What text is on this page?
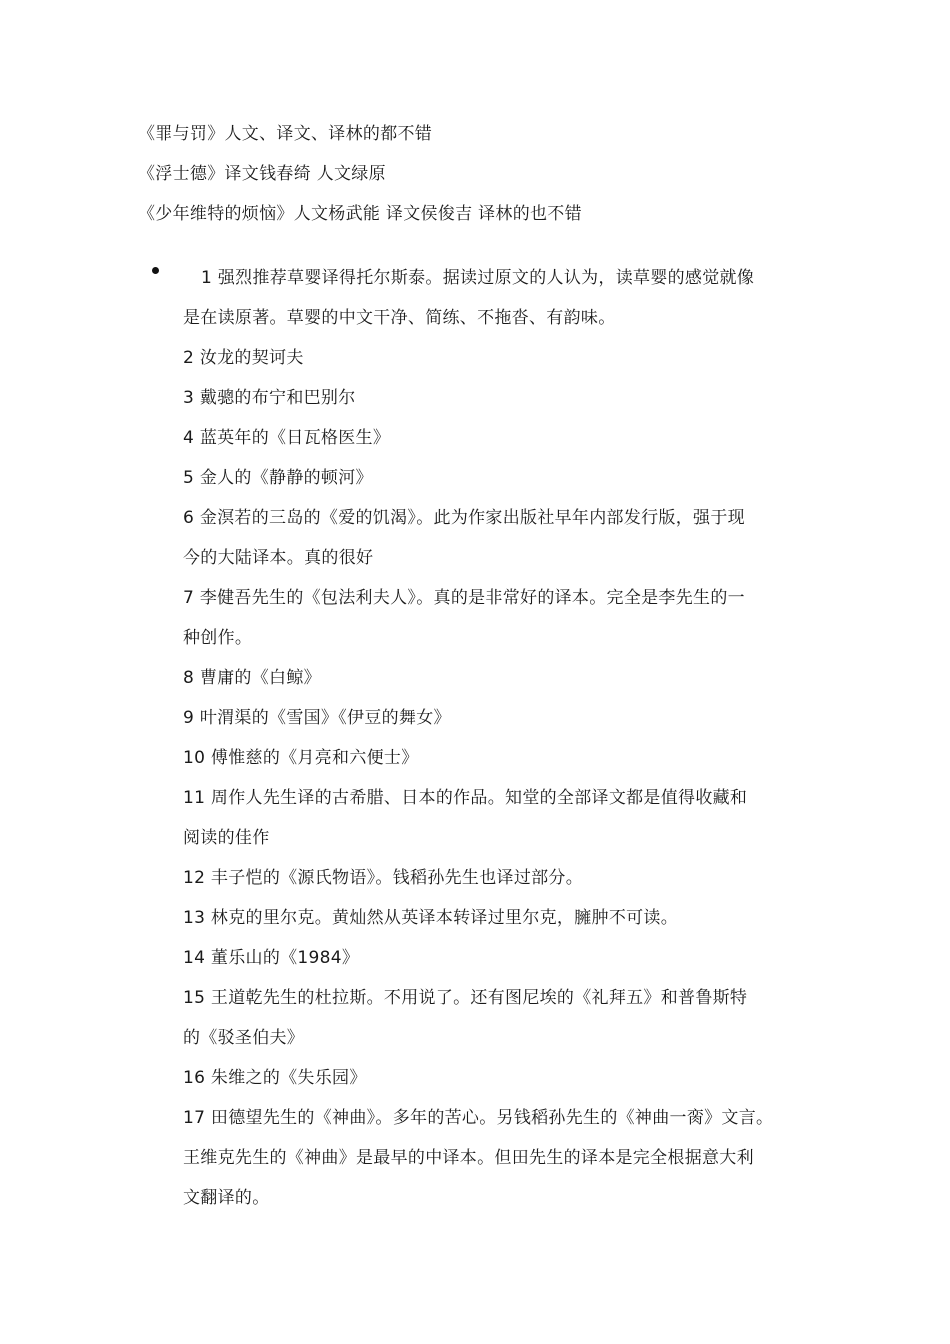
《罪与罚》人文、译文、译林的都不错
《浮士德》译文钱春绮 人文绿原
《少年维特的烦恼》人文杨武能 译文侯俊吉 译林的也不错
1 强烈推荐草婴译得托尔斯泰。据读过原文的人认为，读草婴的感觉就像
是在读原著。草婴的中文干净、简练、不拖沓、有韵味。
2 汝龙的契诃夫
3 戴骢的布宁和巴别尔
4 蓝英年的《日瓦格医生》
5 金人的《静静的顿河》
6 金溟若的三岛的《爱的饥渴》。此为作家出版社早年内部发行版，强于现
今的大陆译本。真的很好
7 李健吾先生的《包法利夫人》。真的是非常好的译本。完全是李先生的一
种创作。
8 曹庸的《白鲸》
9 叶渭渠的《雪国》《伊豆的舞女》
10 傅惟慈的《月亮和六便士》
11 周作人先生译的古希腊、日本的作品。知堂的全部译文都是值得收藏和
阅读的佳作
12 丰子恺的《源氏物语》。钱稻孙先生也译过部分。
13 林克的里尔克。黄灿然从英译本转译过里尔克，臃肿不可读。
14 董乐山的《1984》
15 王道乾先生的杜拉斯。不用说了。还有图尼埃的《礼拜五》和普鲁斯特
的《驳圣伯夫》
16 朱维之的《失乐园》
17 田德望先生的《神曲》。多年的苦心。另钱稻孙先生的《神曲一脔》文言。
王维克先生的《神曲》是最早的中译本。但田先生的译本是完全根据意大利
文翻译的。
